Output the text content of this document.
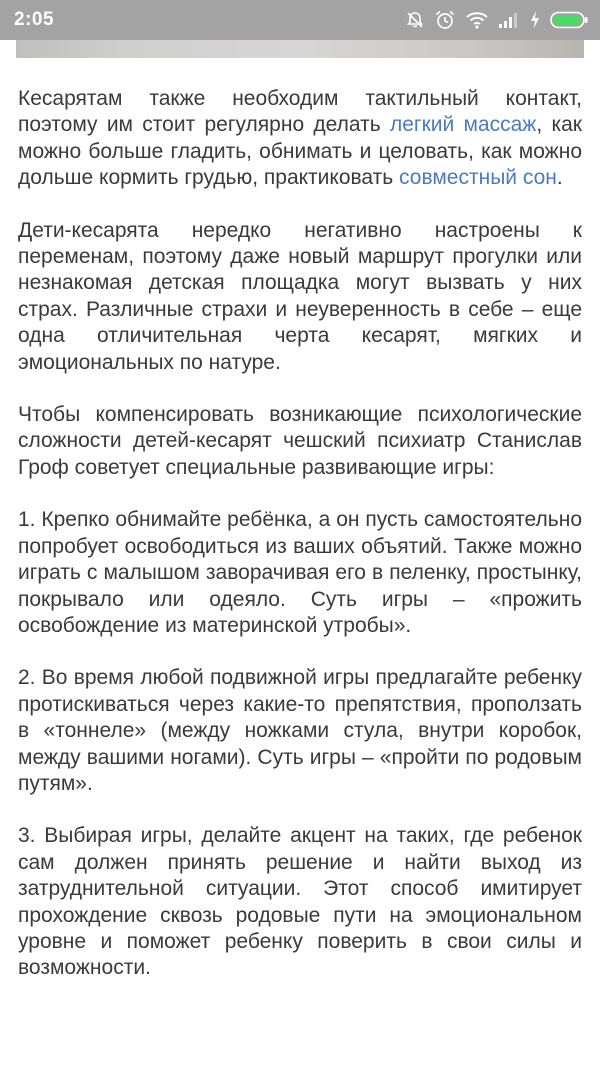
2:05

Кесарятам также необходим тактильный контакт, поэтому им стоит регулярно делать легкий массаж, как можно больше гладить, обнимать и целовать, как можно дольше кормить грудью, практиковать совместный сон.

Дети-кесарята нередко негативно настроены к переменам, поэтому даже новый маршрут прогулки или незнакомая детская площадка могут вызвать у них страх. Различные страхи и неуверенность в себе – еще одна отличительная черта кесарят, мягких и эмоциональных по натуре.

Чтобы компенсировать возникающие психологические сложности детей-кесарят чешский психиатр Станислав Гроф советует специальные развивающие игры:

1. Крепко обнимайте ребёнка, а он пусть самостоятельно попробует освободиться из ваших объятий. Также можно играть с малышом заворачивая его в пеленку, простынку, покрывало или одеяло. Суть игры – «прожить освобождение из материнской утробы».

2. Во время любой подвижной игры предлагайте ребенку протискиваться через какие-то препятствия, проползать в «тоннеле» (между ножками стула, внутри коробок, между вашими ногами). Суть игры – «пройти по родовым путям».

3. Выбирая игры, делайте акцент на таких, где ребенок сам должен принять решение и найти выход из затруднительной ситуации. Этот способ имитирует прохождение сквозь родовые пути на эмоциональном уровне и поможет ребенку поверить в свои силы и возможности.
